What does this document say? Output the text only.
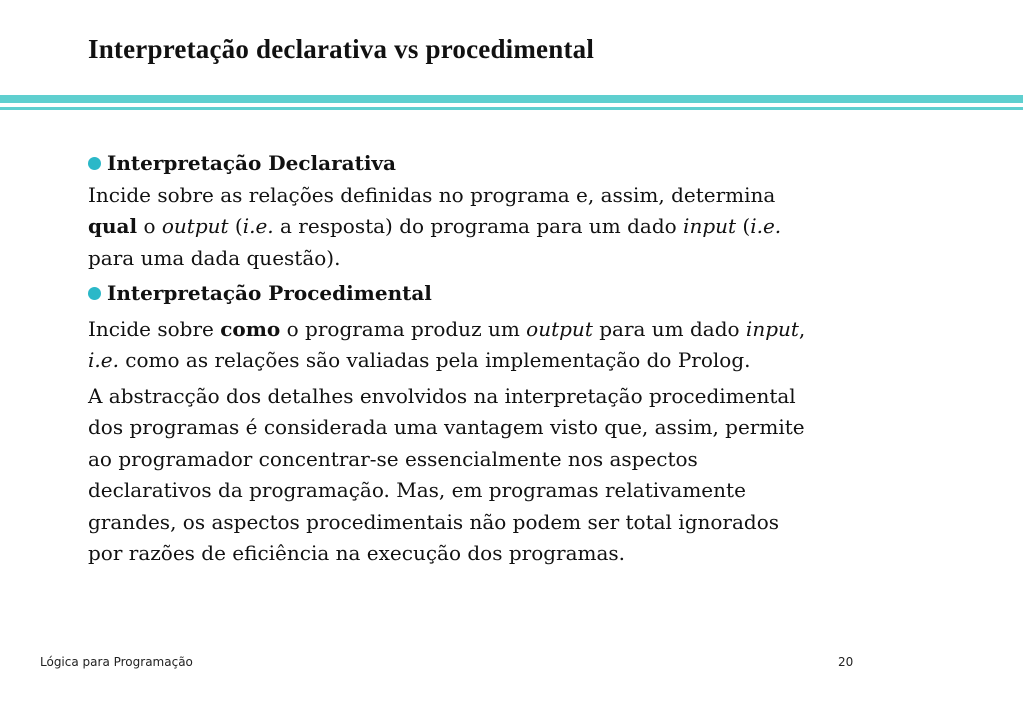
Interpretação declarativa vs procedimental

Interpretação Declarativa

Incide sobre as relações definidas no programa e, assim, determina

qual o output (i.e. a resposta) do programa para um dado input (i.e.

para uma dada questão).

Interpretação Procedimental

Incide sobre como o programa produz um output para um dado input,

i.e. como as relações são valiadas pela implementação do Prolog.

A abstracção dos detalhes envolvidos na interpretação procedimental

dos programas é considerada uma vantagem visto que, assim, permite

ao programador concentrar-se essencialmente nos aspectos

declarativos da programação. Mas, em programas relativamente

grandes, os aspectos procedimentais não podem ser total ignorados

por razões de eficiência na execução dos programas.

Lógica para Programação	20
